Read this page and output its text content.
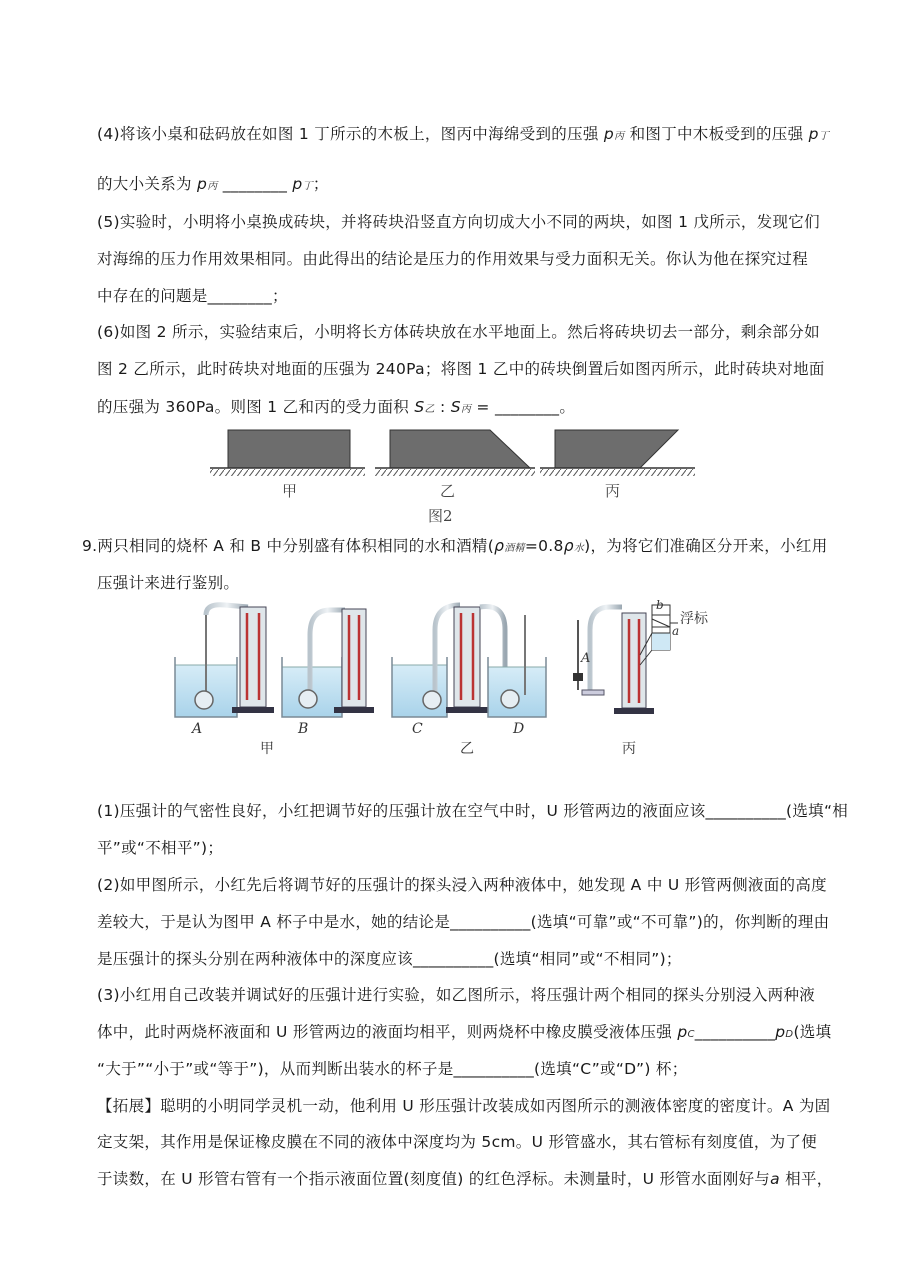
(4)将该小桌和砝码放在如图 1 丁所示的木板上，图丙中海绵受到的压强 p丙 和图丁中木板受到的压强 p丁
的大小关系为 p丙 ________ p丁；
(5)实验时，小明将小桌换成砖块，并将砖块沿竖直方向切成大小不同的两块，如图 1 戊所示，发现它们
对海绵的压力作用效果相同。由此得出的结论是压力的作用效果与受力面积无关。你认为他在探究过程
中存在的问题是________；
(6)如图 2 所示，实验结束后，小明将长方体砖块放在水平地面上。然后将砖块切去一部分，剩余部分如
图 2 乙所示，此时砖块对地面的压强为 240Pa；将图 1 乙中的砖块倒置后如图丙所示，此时砖块对地面
的压强为 360Pa。则图 1 乙和丙的受力面积 S乙 : S丙 = ________。
甲	乙	丙
图2
9.两只相同的烧杯 A 和 B 中分别盛有体积相同的水和酒精(ρ酒精=0.8ρ水)，为将它们准确区分开来，小红用
压强计来进行鉴别。
A	B	C	D
A
甲	乙	丙
浮标
b
a
(1)压强计的气密性良好，小红把调节好的压强计放在空气中时，U 形管两边的液面应该__________(选填“相
平”或“不相平”)；
(2)如甲图所示，小红先后将调节好的压强计的探头浸入两种液体中，她发现 A 中 U 形管两侧液面的高度
差较大，于是认为图甲 A 杯子中是水，她的结论是__________(选填“可靠”或“不可靠”)的，你判断的理由
是压强计的探头分别在两种液体中的深度应该__________(选填“相同”或“不相同”)；
(3)小红用自己改装并调试好的压强计进行实验，如乙图所示，将压强计两个相同的探头分别浸入两种液
体中，此时两烧杯液面和 U 形管两边的液面均相平，则两烧杯中橡皮膜受液体压强 pC__________pD(选填
“大于”“小于”或“等于”)，从而判断出装水的杯子是__________(选填“C”或“D”) 杯；
【拓展】聪明的小明同学灵机一动，他利用 U 形压强计改装成如丙图所示的测液体密度的密度计。A 为固
定支架，其作用是保证橡皮膜在不同的液体中深度均为 5cm。U 形管盛水，其右管标有刻度值，为了便
于读数，在 U 形管右管有一个指示液面位置(刻度值) 的红色浮标。未测量时，U 形管水面刚好与a 相平，
